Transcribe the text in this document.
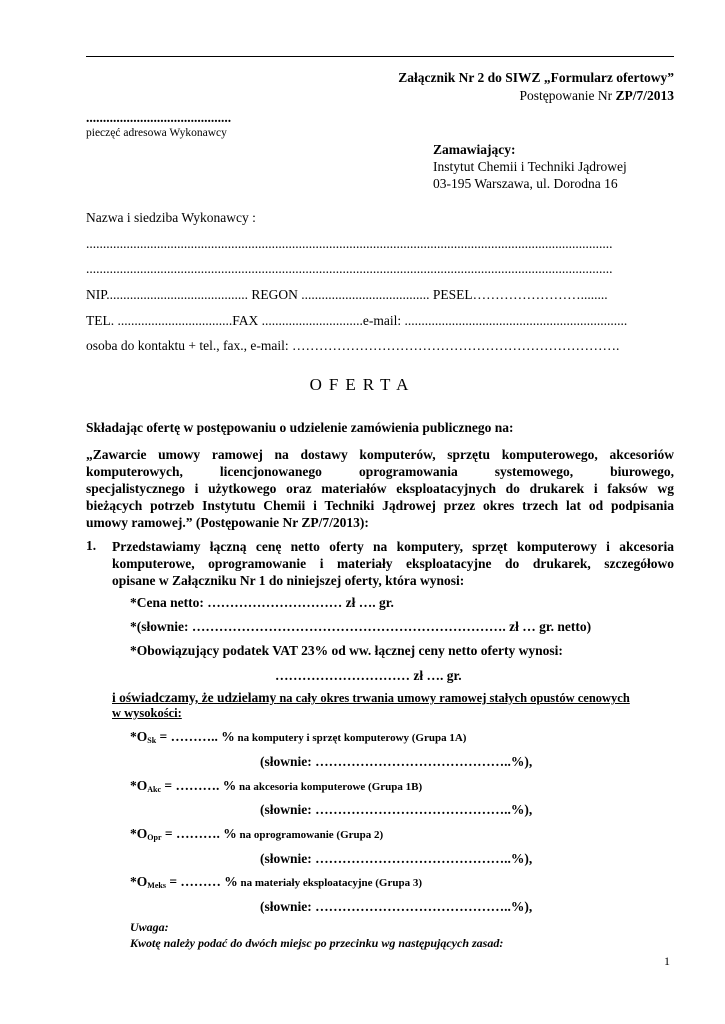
Załącznik Nr 2 do SIWZ „Formularz ofertowy”
Postępowanie Nr ZP/7/2013
...........................................
pieczęć adresowa Wykonawcy
Zamawiający:
Instytut Chemii i Techniki Jądrowej
03-195 Warszawa, ul. Dorodna 16
Nazwa i siedziba Wykonawcy :
............................................................................................................................................................
............................................................................................................................................................
NIP.......................................... REGON ...................................... PESEL……………………........
TEL. ..................................FAX ..............................e-mail: ..................................................................
osoba do kontaktu + tel., fax., e-mail: ……………………………………………………………….
OFERTA
Składając ofertę w postępowaniu o udzielenie zamówienia publicznego na:
„Zawarcie umowy ramowej na dostawy komputerów, sprzętu komputerowego, akcesoriów
komputerowych, licencjonowanego oprogramowania systemowego, biurowego,
specjalistycznego i użytkowego oraz materiałów eksploatacyjnych do drukarek i faksów wg
bieżących potrzeb Instytutu Chemii i Techniki Jądrowej przez okres trzech lat od podpisania
umowy ramowej.” (Postępowanie Nr ZP/7/2013):
1. Przedstawiamy łączną cenę netto oferty na komputery, sprzęt komputerowy i akcesoria
komputerowe, oprogramowanie i materiały eksploatacyjne do drukarek, szczegółowo
opisane w Załączniku Nr 1 do niniejszej oferty, która wynosi:
*Cena netto: ………………………… zł …. gr.
*(słownie: ……………………………………………………………. zł … gr. netto)
*Obowiązujący podatek VAT 23% od ww. łącznej ceny netto oferty wynosi:
………………………… zł …. gr.
i oświadczamy, że udzielamy na cały okres trwania umowy ramowej stałych opustów cenowych
w wysokości:
$*O_{Sk}$ = ……….. % na komputery i sprzęt komputerowy (Grupa 1A)
(słownie: ……………………………………..%),
$*O_{Akc}$ = ………. % na akcesoria komputerowe (Grupa 1B)
(słownie: ……………………………………..%),
$*O_{Opr}$ = ………. % na oprogramowanie (Grupa 2)
(słownie: ……………………………………..%),
$*O_{Meks}$ = ……… % na materiały eksploatacyjne (Grupa 3)
(słownie: ……………………………………..%),
Uwaga:
Kwotę należy podać do dwóch miejsc po przecinku wg następujących zasad:
1
